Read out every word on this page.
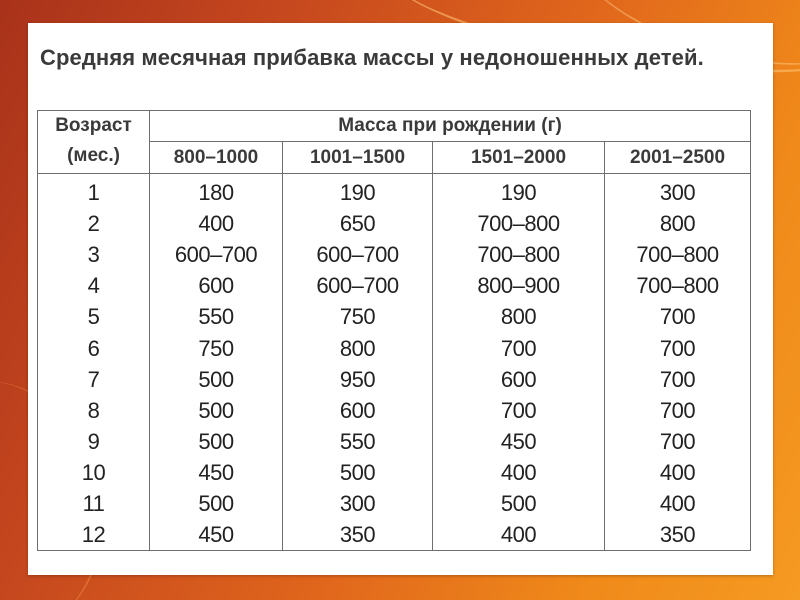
Средняя месячная прибавка массы у недоношенных детей.
Возраст
(мес.)	Масса при рождении (г)			
	800–1000	1001–1500	1501–2000	2001–2500
1	180	190	190	300
2	400	650	700–800	800
3	600–700	600–700	700–800	700–800
4	600	600–700	800–900	700–800
5	550	750	800	700
6	750	800	700	700
7	500	950	600	700
8	500	600	700	700
9	500	550	450	700
10	450	500	400	400
11	500	300	500	400
12	450	350	400	350
